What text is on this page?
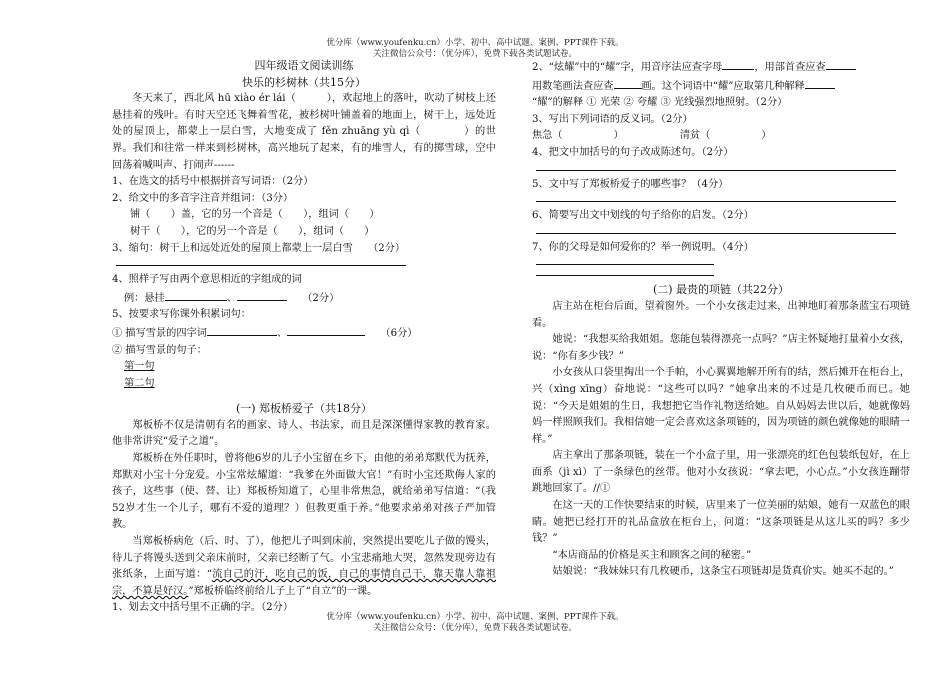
优分库（www.youfenku.cn）小学、初中、高中试题、案例、PPT课件下载。
关注微信公众号：（优分库），免费下载各类试题试卷。
四年级语文阅读训练
快乐的杉树林（共15分）
冬天来了，西北风 hū xiào ér lái（　　　），欢起地上的落叶，吹动了树枝上还悬挂着的残叶。有时天空还飞舞着雪花，被杉树叶铺盖着的地面上，树干上，远处近处的屋顶上，都蒙上一层白雪，大地变成了 fěn zhuāng yù qì（　　　　）的世界。我们和往常一样来到杉树林，高兴地玩了起来，有的堆雪人，有的掷雪球，空中回荡着喊叫声、打闹声------
1、在选文的括号中根据拼音写词语：（2分）
2、给文中的多音字注音并组词：（3分）
铺（　　）盖，它的另一个音是（　　），组词（　　）
树干（　　），它的另一个音是（　　），组词（　　）
3、缩句：树干上和远处近处的屋顶上都蒙上一层白雪　　（2分）
4、照样子写由两个意思相近的字组成的词
例：悬挂	、　　	（2分）
5、按要求写你课外积累词句：
① 描写雪景的四字词	、　　	（6分）
② 描写雪景的句子：
第一句
第二句
(一) 郑板桥爱子（共18分）
郑板桥不仅是清朝有名的画家、诗人、书法家，而且是深深懂得家教的教育家。他非常讲究“爱子之道”。
郑板桥在外任职时，曾将他6岁的儿子小宝留在乡下，由他的弟弟郑默代为抚养，郑默对小宝十分宠爱。小宝常炫耀道：“我爹在外面做大官！”有时小宝还欺侮人家的孩子，这些事（使、替、让）郑板桥知道了，心里非常焦急，就给弟弟写信道：“（我52岁才生一个儿子，哪有不爱的道理？）但教更重于养。”他要求弟弟对孩子严加管教。
当郑板桥病危（后、时、了），他把儿子叫到床前，突然提出要吃儿子做的馒头，待儿子将馒头送到父亲床前时，父亲已经断了气。小宝悲痛地大哭，忽然发现旁边有张纸条，上面写道：“流自己的汗，吃自己的饭，自己的事情自己干，靠天靠人靠祖宗，不算是好汉。”郑板桥临终前给儿子上了“自立”的一课。
1、划去文中括号里不正确的字。（2分）
2、“炫耀”中的“耀”字，用音序法应查字母	，用部首查应查
用数笔画法查应查	画。这个词语中“耀”应取第几种解释
“耀”的解释 ① 光荣 ② 夸耀 ③ 光线强烈地照射。（2分）
3、写出下列词语的反义词。（2分）
焦急（　　　　　）　　　　　　	清贫（　　　　　）
4、把文中加括号的句子改成陈述句。（2分）
5、文中写了郑板桥爱子的哪些事？（4分）
6、简要写出文中划线的句子给你的启发。（2分）
7、你的父母是如何爱你的？举一例说明。（4分）
(二) 最贵的项链（共22分）
店主站在柜台后面，望着窗外。一个小女孩走过来，出神地盯着那条蓝宝石项链看。
她说：“我想买给我姐姐。您能包装得漂亮一点吗？”店主怀疑地打量着小女孩，说：“你有多少钱？”
小女孩从口袋里掏出一个手帕，小心翼翼地解开所有的结，然后摊开在柜台上，兴（xìng xīng）奋地说：“这些可以吗？”她拿出来的不过是几枚硬币而已。她说：“今天是姐姐的生日，我想把它当作礼物送给她。自从妈妈去世以后，她就像妈妈一样照顾我们。我相信她一定会喜欢这条项链的，因为项链的颜色就像她的眼睛一样。”
店主拿出了那条项链，装在一个小盒子里，用一张漂亮的红色包装纸包好，在上面系（jì xì）了一条绿色的丝带。他对小女孩说：“拿去吧，小心点。”小女孩连蹦带跳地回家了。//①
在这一天的工作快要结束的时候，店里来了一位美丽的姑娘，她有一双蓝色的眼睛。她把已经打开的礼品盒放在柜台上，问道：“这条项链是从这儿买的吗？多少钱？”
“本店商品的价格是买主和顾客之间的秘密。”
姑娘说：“我妹妹只有几枚硬币，这条宝石项链却是货真价实。她买不起的。”
优分库（www.youfenku.cn）小学、初中、高中试题、案例、PPT课件下载。
关注微信公众号：（优分库），免费下载各类试题试卷。
